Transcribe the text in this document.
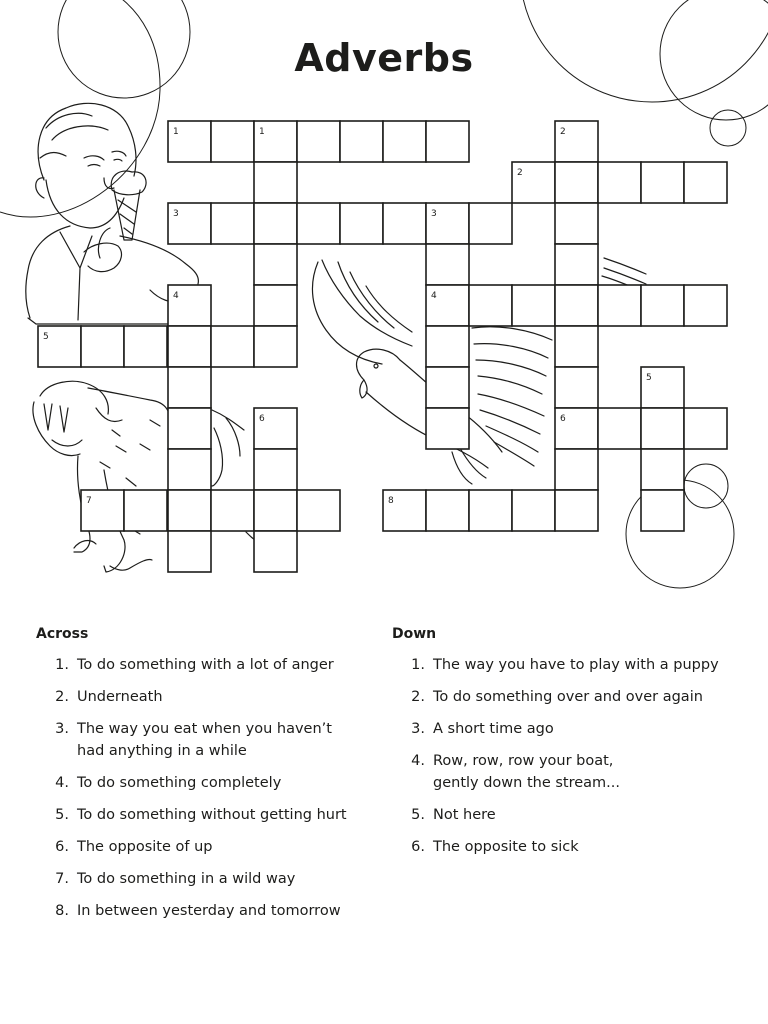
1	1	2
2
3	3
4	4
5
5
6	6
7	8
Adverbs
Across
1. To do something with a lot of anger
2. Underneath
3. The way you eat when you haven’t
had anything in a while
4. To do something completely
5. To do something without getting hurt
6. The opposite of up
7. To do something in a wild way
8. In between yesterday and tomorrow
Down
1. The way you have to play with a puppy
2. To do something over and over again
3. A short time ago
4. Row, row, row your boat,
gently down the stream...
5. Not here
6. The opposite to sick
